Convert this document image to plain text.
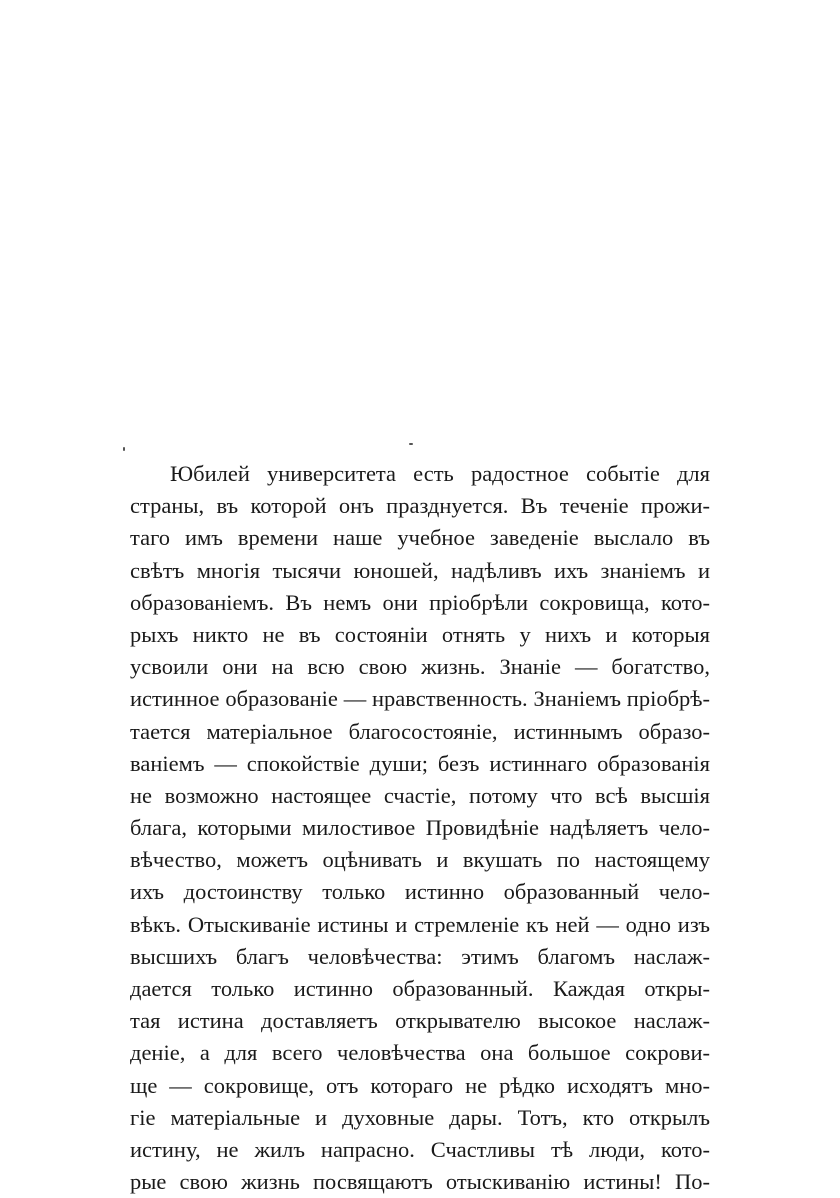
Юбилей университета есть радостное событіе для
страны, въ которой онъ празднуется. Въ теченіе прожи-
таго имъ времени наше учебное заведеніе выслало въ
свѣтъ многія тысячи юношей, надѣливъ ихъ знаніемъ и
образованіемъ. Въ немъ они пріобрѣли сокровища, кото-
рыхъ никто не въ состояніи отнять у нихъ и которыя
усвоили они на всю свою жизнь. Знаніе — богатство,
истинное образованіе — нравственность. Знаніемъ пріобрѣ-
тается матеріальное благосостояніе, истиннымъ образо-
ваніемъ — спокойствіе души; безъ истиннаго образованія
не возможно настоящее счастіе, потому что всѣ высшія
блага, которыми милостивое Провидѣніе надѣляетъ чело-
вѣчество, можетъ оцѣнивать и вкушать по настоящему
ихъ достоинству только истинно образованный чело-
вѣкъ. Отыскиваніе истины и стремленіе къ ней — одно изъ
высшихъ благъ человѣчества: этимъ благомъ наслаж-
дается только истинно образованный. Каждая откры-
тая истина доставляетъ открывателю высокое наслаж-
деніе, а для всего человѣчества она большое сокрови-
ще — сокровище, отъ котораго не рѣдко исходятъ мно-
гіе матеріальные и духовные дары. Тотъ, кто открылъ
истину, не жилъ напрасно. Счастливы тѣ люди, кото-
рые свою жизнь посвящаютъ отыскиванію истины! По-
